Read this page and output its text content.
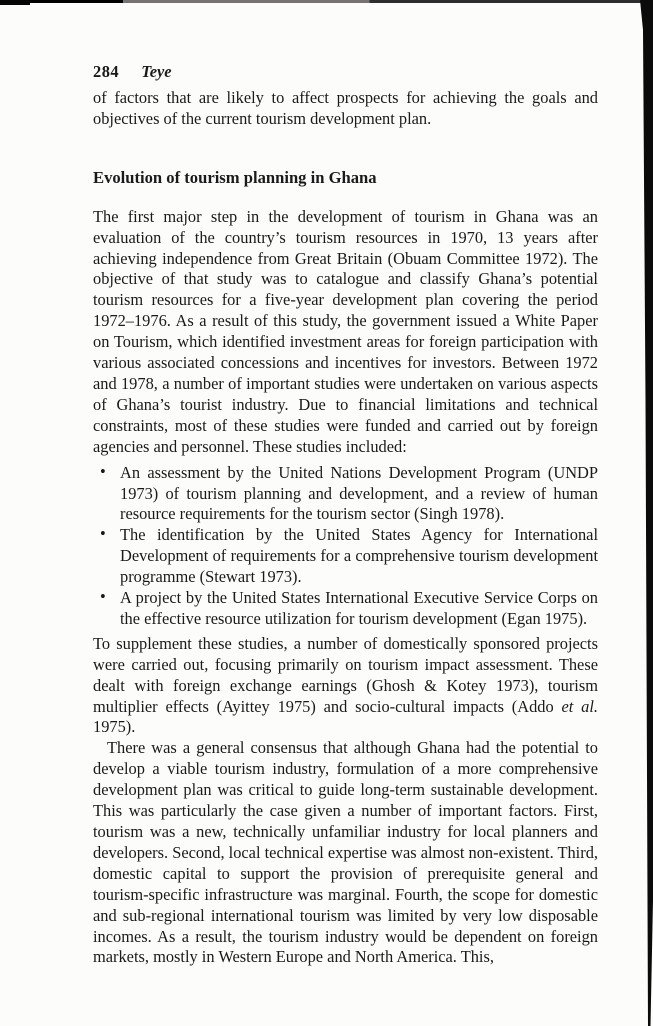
284 Teye

of factors that are likely to affect prospects for achieving the goals and objectives of the current tourism development plan.

Evolution of tourism planning in Ghana

The first major step in the development of tourism in Ghana was an evaluation of the country’s tourism resources in 1970, 13 years after achieving independence from Great Britain (Obuam Committee 1972). The objective of that study was to catalogue and classify Ghana’s potential tourism resources for a five-year development plan covering the period 1972–1976. As a result of this study, the government issued a White Paper on Tourism, which identified investment areas for foreign participation with various associated concessions and incentives for investors. Between 1972 and 1978, a number of important studies were undertaken on various aspects of Ghana’s tourist industry. Due to financial limitations and technical constraints, most of these studies were funded and carried out by foreign agencies and personnel. These studies included:

• An assessment by the United Nations Development Program (UNDP 1973) of tourism planning and development, and a review of human resource requirements for the tourism sector (Singh 1978).
• The identification by the United States Agency for International Development of requirements for a comprehensive tourism development programme (Stewart 1973).
• A project by the United States International Executive Service Corps on the effective resource utilization for tourism development (Egan 1975).

To supplement these studies, a number of domestically sponsored projects were carried out, focusing primarily on tourism impact assessment. These dealt with foreign exchange earnings (Ghosh & Kotey 1973), tourism multiplier effects (Ayittey 1975) and socio-cultural impacts (Addo et al. 1975).

There was a general consensus that although Ghana had the potential to develop a viable tourism industry, formulation of a more comprehensive development plan was critical to guide long-term sustainable development. This was particularly the case given a number of important factors. First, tourism was a new, technically unfamiliar industry for local planners and developers. Second, local technical expertise was almost non-existent. Third, domestic capital to support the provision of prerequisite general and tourism-specific infrastructure was marginal. Fourth, the scope for domestic and sub-regional international tourism was limited by very low disposable incomes. As a result, the tourism industry would be dependent on foreign markets, mostly in Western Europe and North America. This,
